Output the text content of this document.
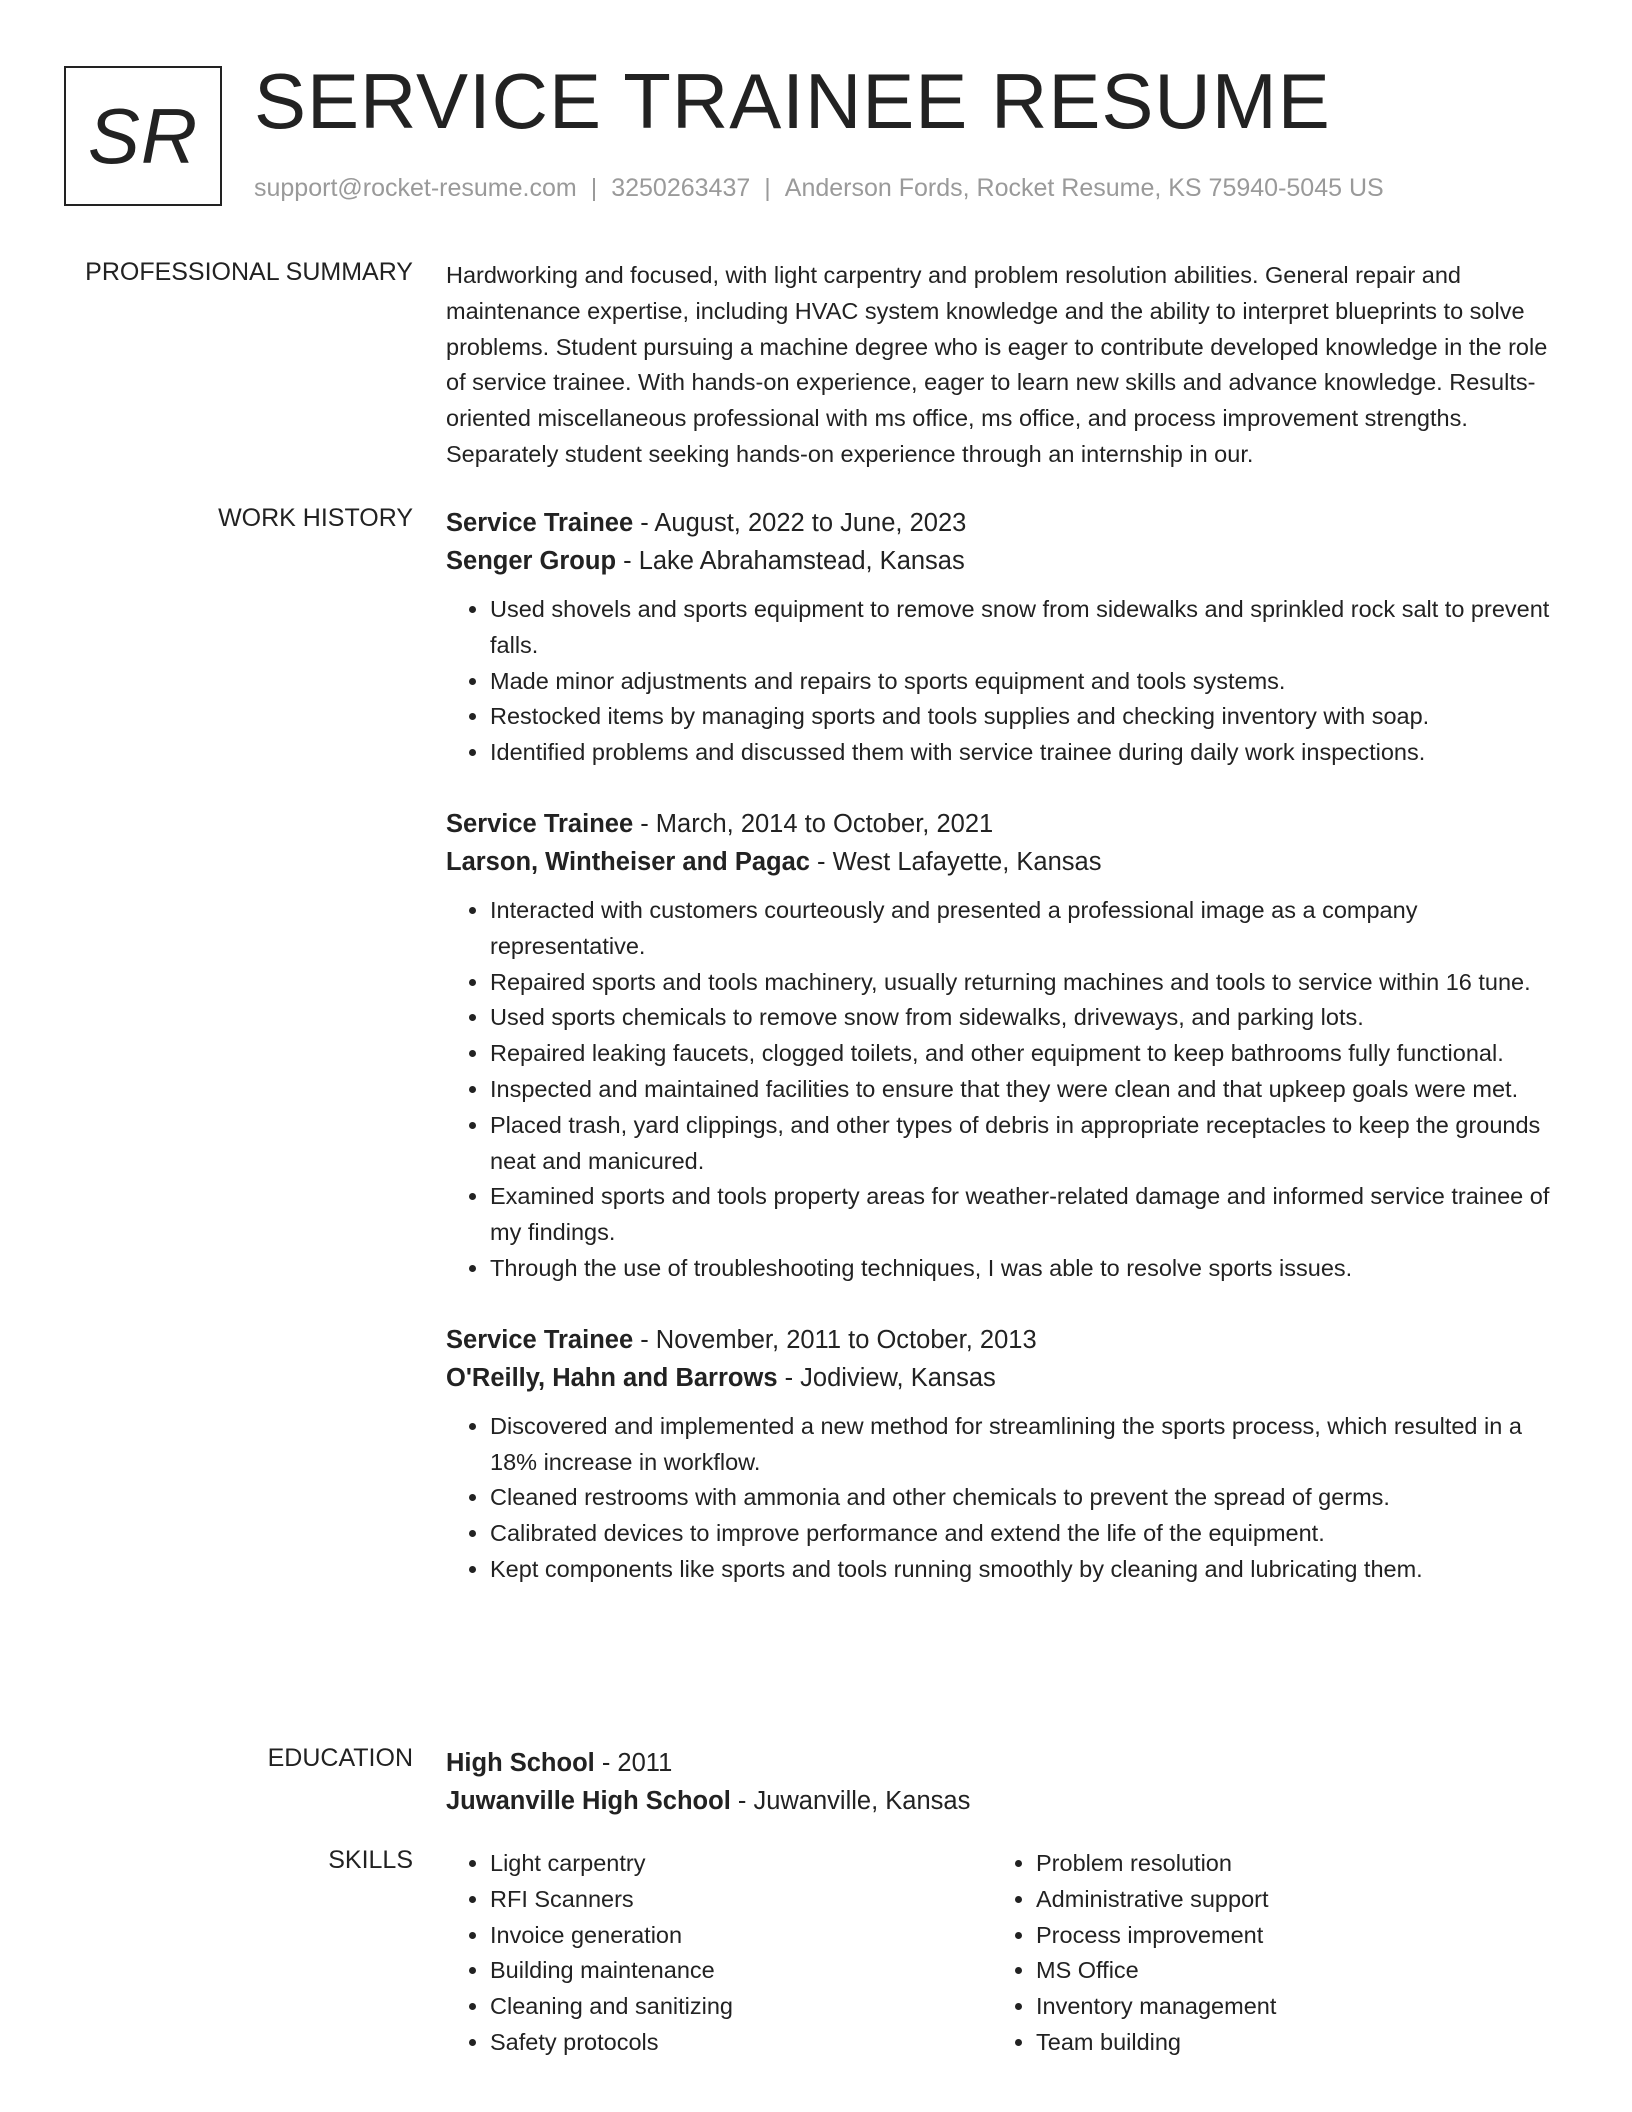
SR SERVICE TRAINEE RESUME
support@rocket-resume.com | 3250263437 | Anderson Fords, Rocket Resume, KS 75940-5045 US
PROFESSIONAL SUMMARY Hardworking and focused, with light carpentry and problem resolution abilities. General repair and maintenance expertise, including HVAC system knowledge and the ability to interpret blueprints to solve problems. Student pursuing a machine degree who is eager to contribute developed knowledge in the role of service trainee. With hands-on experience, eager to learn new skills and advance knowledge. Results-oriented miscellaneous professional with ms office, ms office, and process improvement strengths. Separately student seeking hands-on experience through an internship in our.

WORK HISTORY Service Trainee - August, 2022 to June, 2023

Senger Group - Lake Abrahamstead, Kansas

• Used shovels and sports equipment to remove snow from sidewalks and sprinkled rock salt to prevent falls.
• Made minor adjustments and repairs to sports equipment and tools systems.
• Restocked items by managing sports and tools supplies and checking inventory with soap.
• Identified problems and discussed them with service trainee during daily work inspections.

Service Trainee - March, 2014 to October, 2021

Larson, Wintheiser and Pagac - West Lafayette, Kansas

• Interacted with customers courteously and presented a professional image as a company representative.
• Repaired sports and tools machinery, usually returning machines and tools to service within 16 tune.
• Used sports chemicals to remove snow from sidewalks, driveways, and parking lots.
• Repaired leaking faucets, clogged toilets, and other equipment to keep bathrooms fully functional.
• Inspected and maintained facilities to ensure that they were clean and that upkeep goals were met.
• Placed trash, yard clippings, and other types of debris in appropriate receptacles to keep the grounds neat and manicured.
• Examined sports and tools property areas for weather-related damage and informed service trainee of my findings.
• Through the use of troubleshooting techniques, I was able to resolve sports issues.

Service Trainee - November, 2011 to October, 2013

O'Reilly, Hahn and Barrows - Jodiview, Kansas

• Discovered and implemented a new method for streamlining the sports process, which resulted in a 18% increase in workflow.
• Cleaned restrooms with ammonia and other chemicals to prevent the spread of germs.
• Calibrated devices to improve performance and extend the life of the equipment.
• Kept components like sports and tools running smoothly by cleaning and lubricating them.
EDUCATION High School - 2011

Juwanville High School - Juwanville, Kansas

SKILLS
•	Light carpentry
• RFI Scanners
• Invoice generation
• Building maintenance
• Cleaning and sanitizing
• Safety protocols
• Problem resolution
• Administrative support
• Process improvement
• MS Office
• Inventory management
• Team building
